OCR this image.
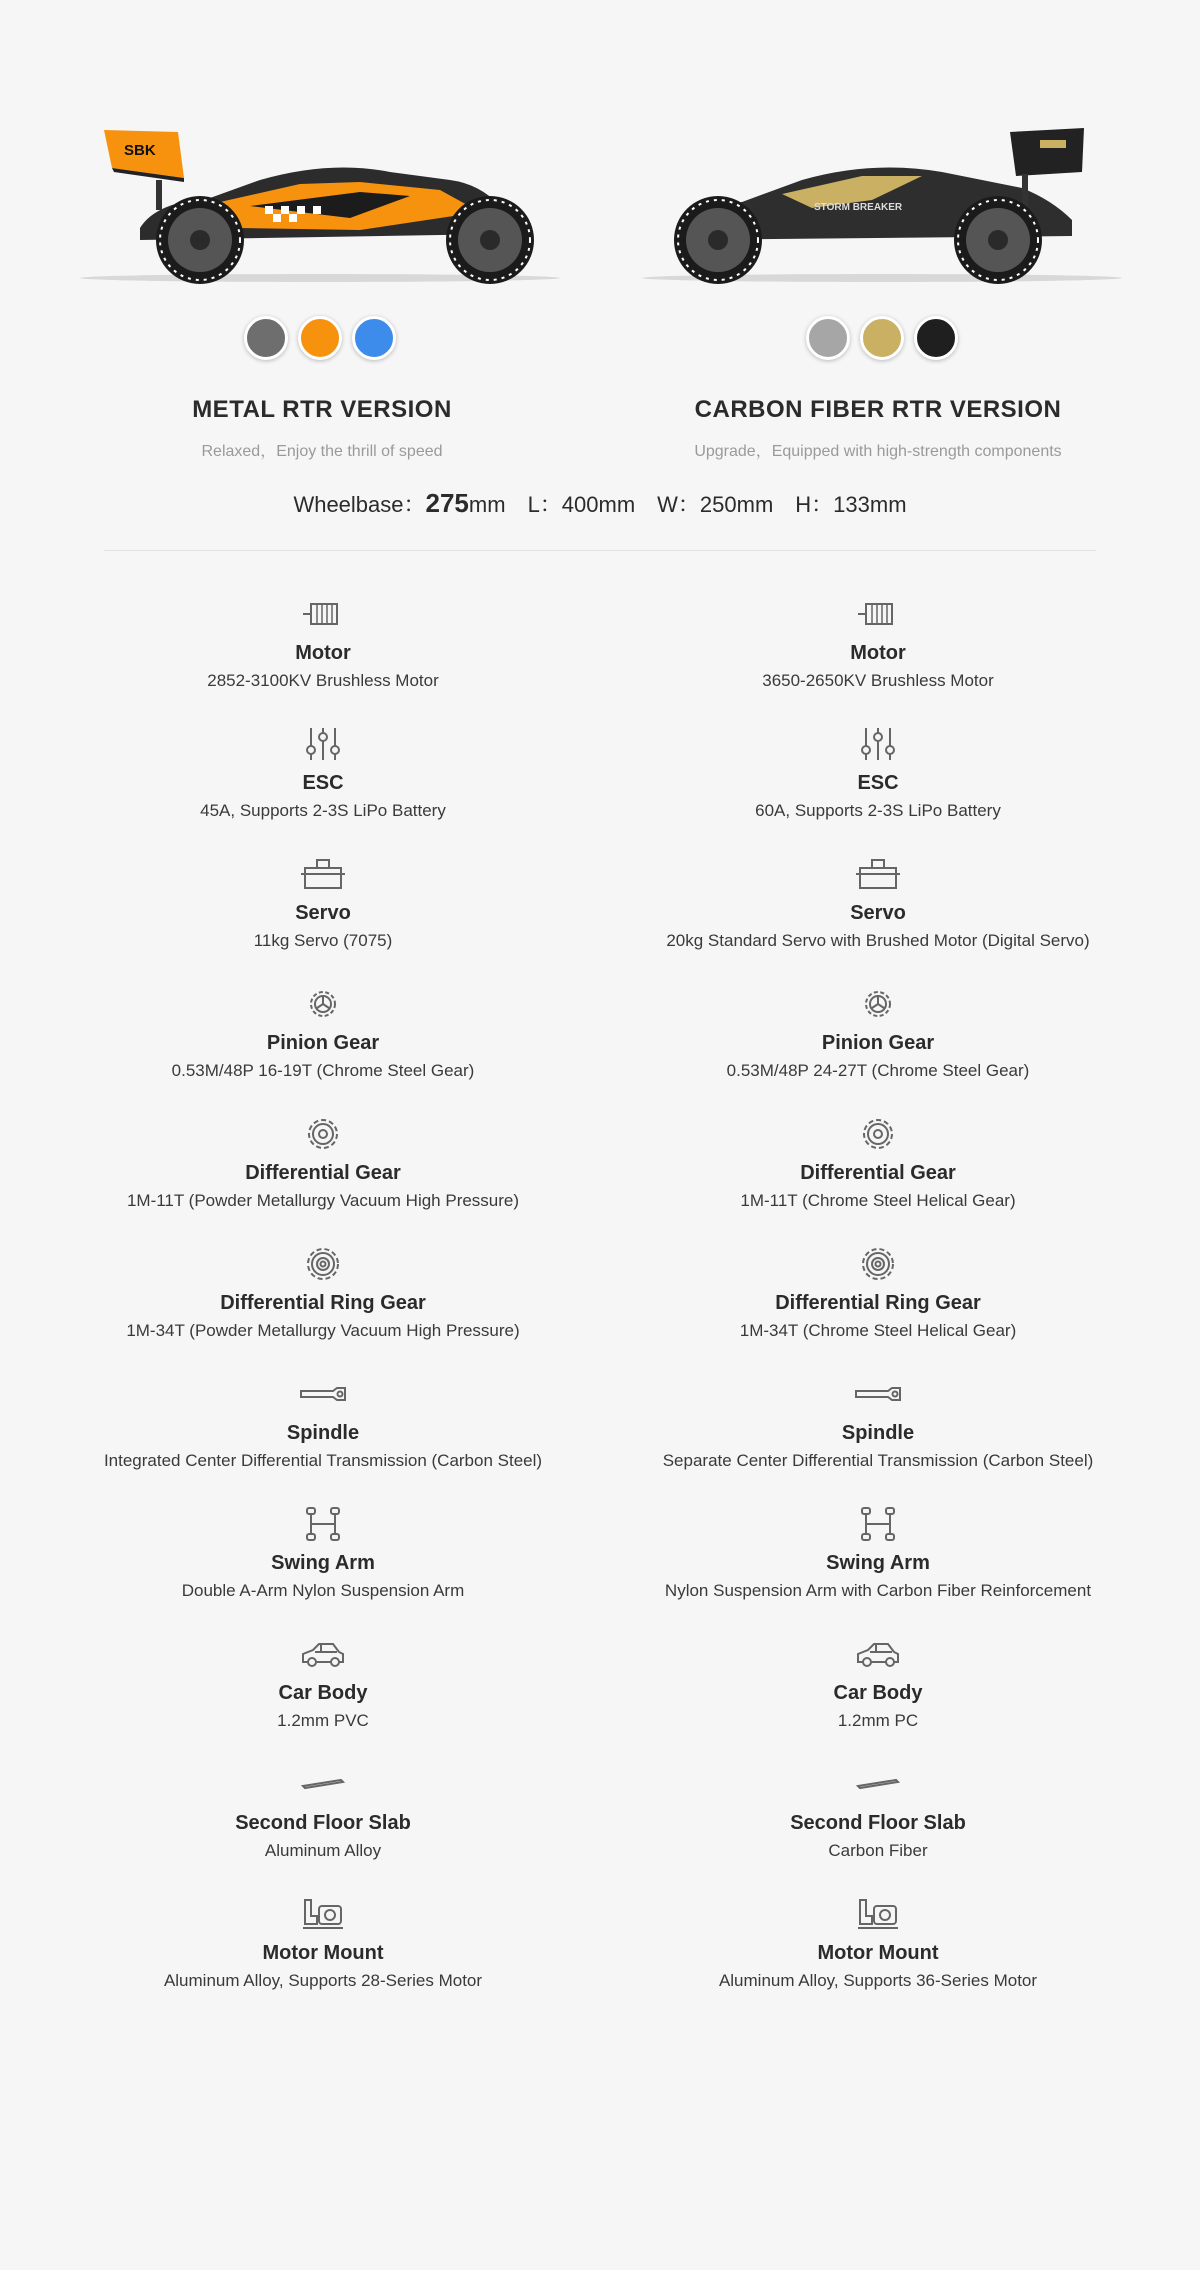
SBK
STORM BREAKER
METAL RTR VERSION
Relaxed，Enjoy the thrill of speed
CARBON FIBER RTR VERSION
Upgrade，Equipped with high-strength components
Wheelbase：275mm L：400mm W：250mm H：133mm
Motor
2852-3100KV Brushless Motor
ESC
45A, Supports 2-3S LiPo Battery
Servo
11kg Servo (7075)
Pinion Gear
0.53M/48P 16-19T (Chrome Steel Gear)
Differential Gear
1M-11T (Powder Metallurgy Vacuum High Pressure)
Differential Ring Gear
1M-34T (Powder Metallurgy Vacuum High Pressure)
Spindle
Integrated Center Differential Transmission (Carbon Steel)
Swing Arm
Double A-Arm Nylon Suspension Arm
Car Body
1.2mm PVC
Second Floor Slab
Aluminum Alloy
Motor Mount
Aluminum Alloy, Supports 28-Series Motor
Motor
3650-2650KV Brushless Motor
ESC
60A, Supports 2-3S LiPo Battery
Servo
20kg Standard Servo with Brushed Motor (Digital Servo)
Pinion Gear
0.53M/48P 24-27T (Chrome Steel Gear)
Differential Gear
1M-11T (Chrome Steel Helical Gear)
Differential Ring Gear
1M-34T (Chrome Steel Helical Gear)
Spindle
Separate Center Differential Transmission (Carbon Steel)
Swing Arm
Nylon Suspension Arm with Carbon Fiber Reinforcement
Car Body
1.2mm PC
Second Floor Slab
Carbon Fiber
Motor Mount
Aluminum Alloy, Supports 36-Series Motor
